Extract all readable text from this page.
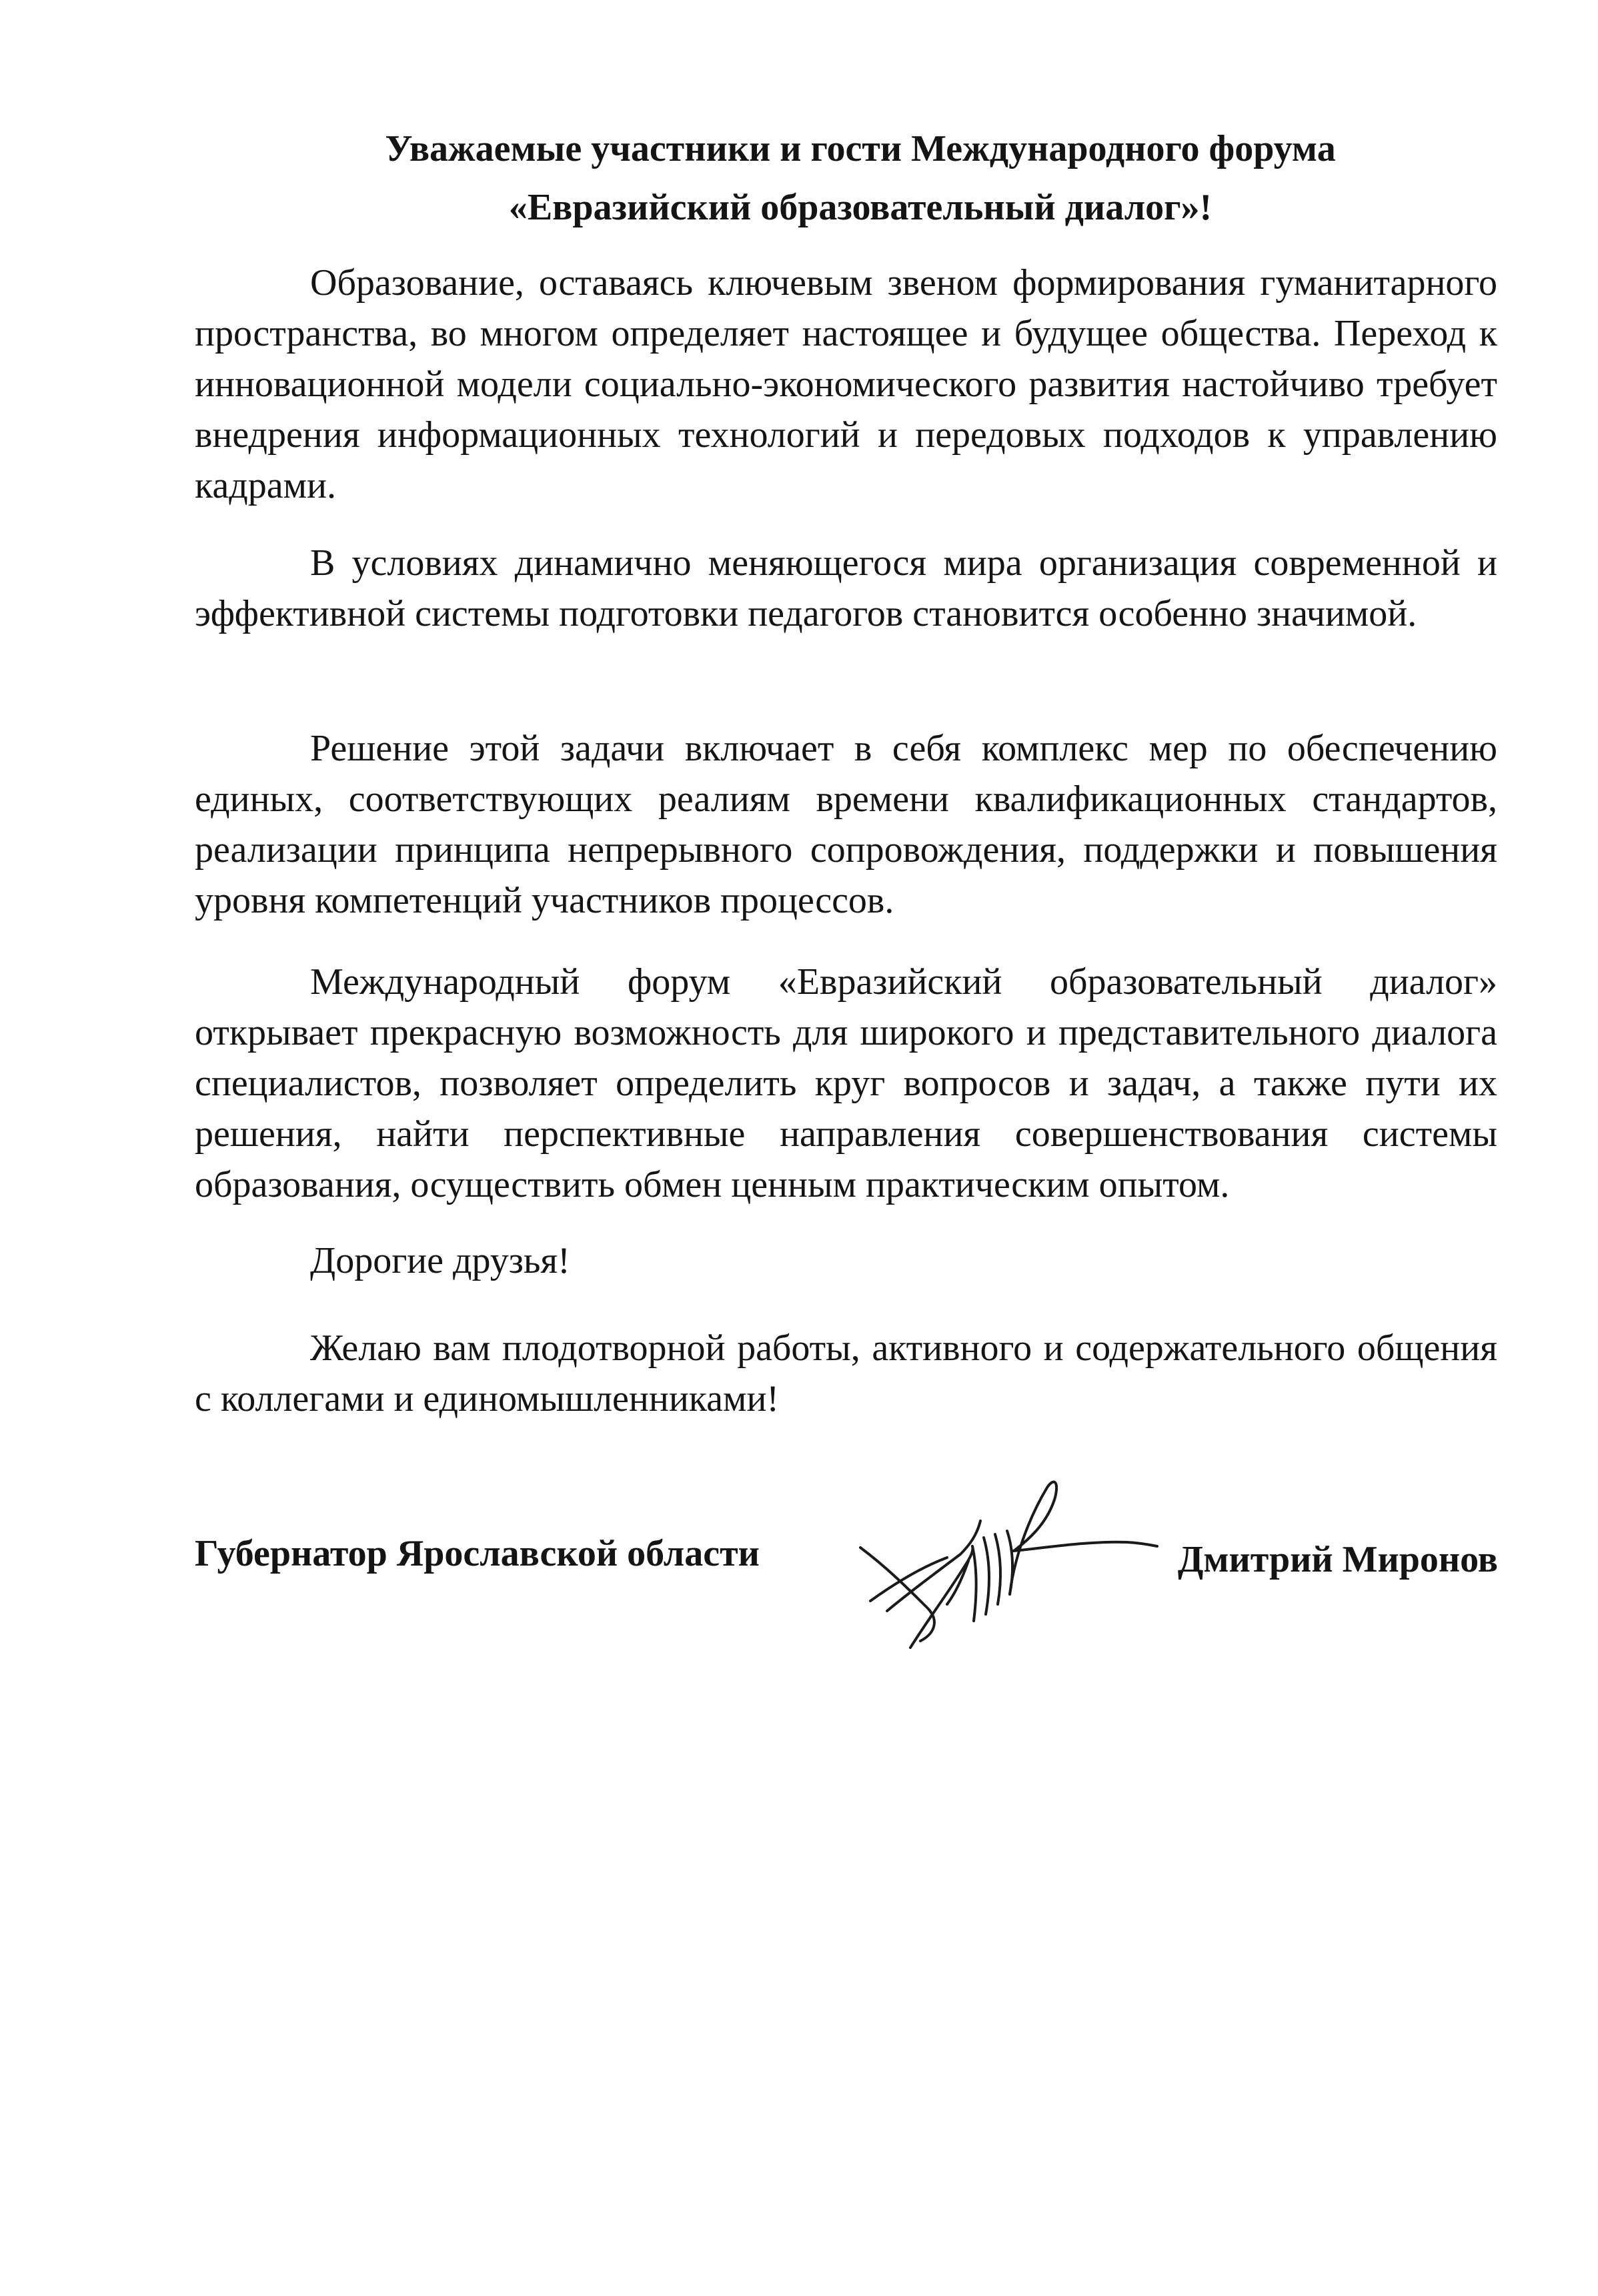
Уважаемые участники и гости Международного форума
«Евразийский образовательный диалог»!

Образование, оставаясь ключевым звеном формирования гуманитарного пространства, во многом определяет настоящее и будущее общества. Переход к инновационной модели социально-экономического развития настойчиво требует внедрения информационных технологий и передовых подходов к управлению кадрами.

В условиях динамично меняющегося мира организация современной и эффективной системы подготовки педагогов становится особенно значимой.

Решение этой задачи включает в себя комплекс мер по обеспечению единых, соответствующих реалиям времени квалификационных стандартов, реализации принципа непрерывного сопровождения, поддержки и повышения уровня компетенций участников процессов.

Международный форум «Евразийский образовательный диалог» открывает прекрасную возможность для широкого и представительного диалога специалистов, позволяет определить круг вопросов и задач, а также пути их решения, найти перспективные направления совершенствования системы образования, осуществить обмен ценным практическим опытом.

Дорогие друзья!

Желаю вам плодотворной работы, активного и содержательного общения с коллегами и единомышленниками!

Губернатор Ярославской области	Дмитрий Миронов
